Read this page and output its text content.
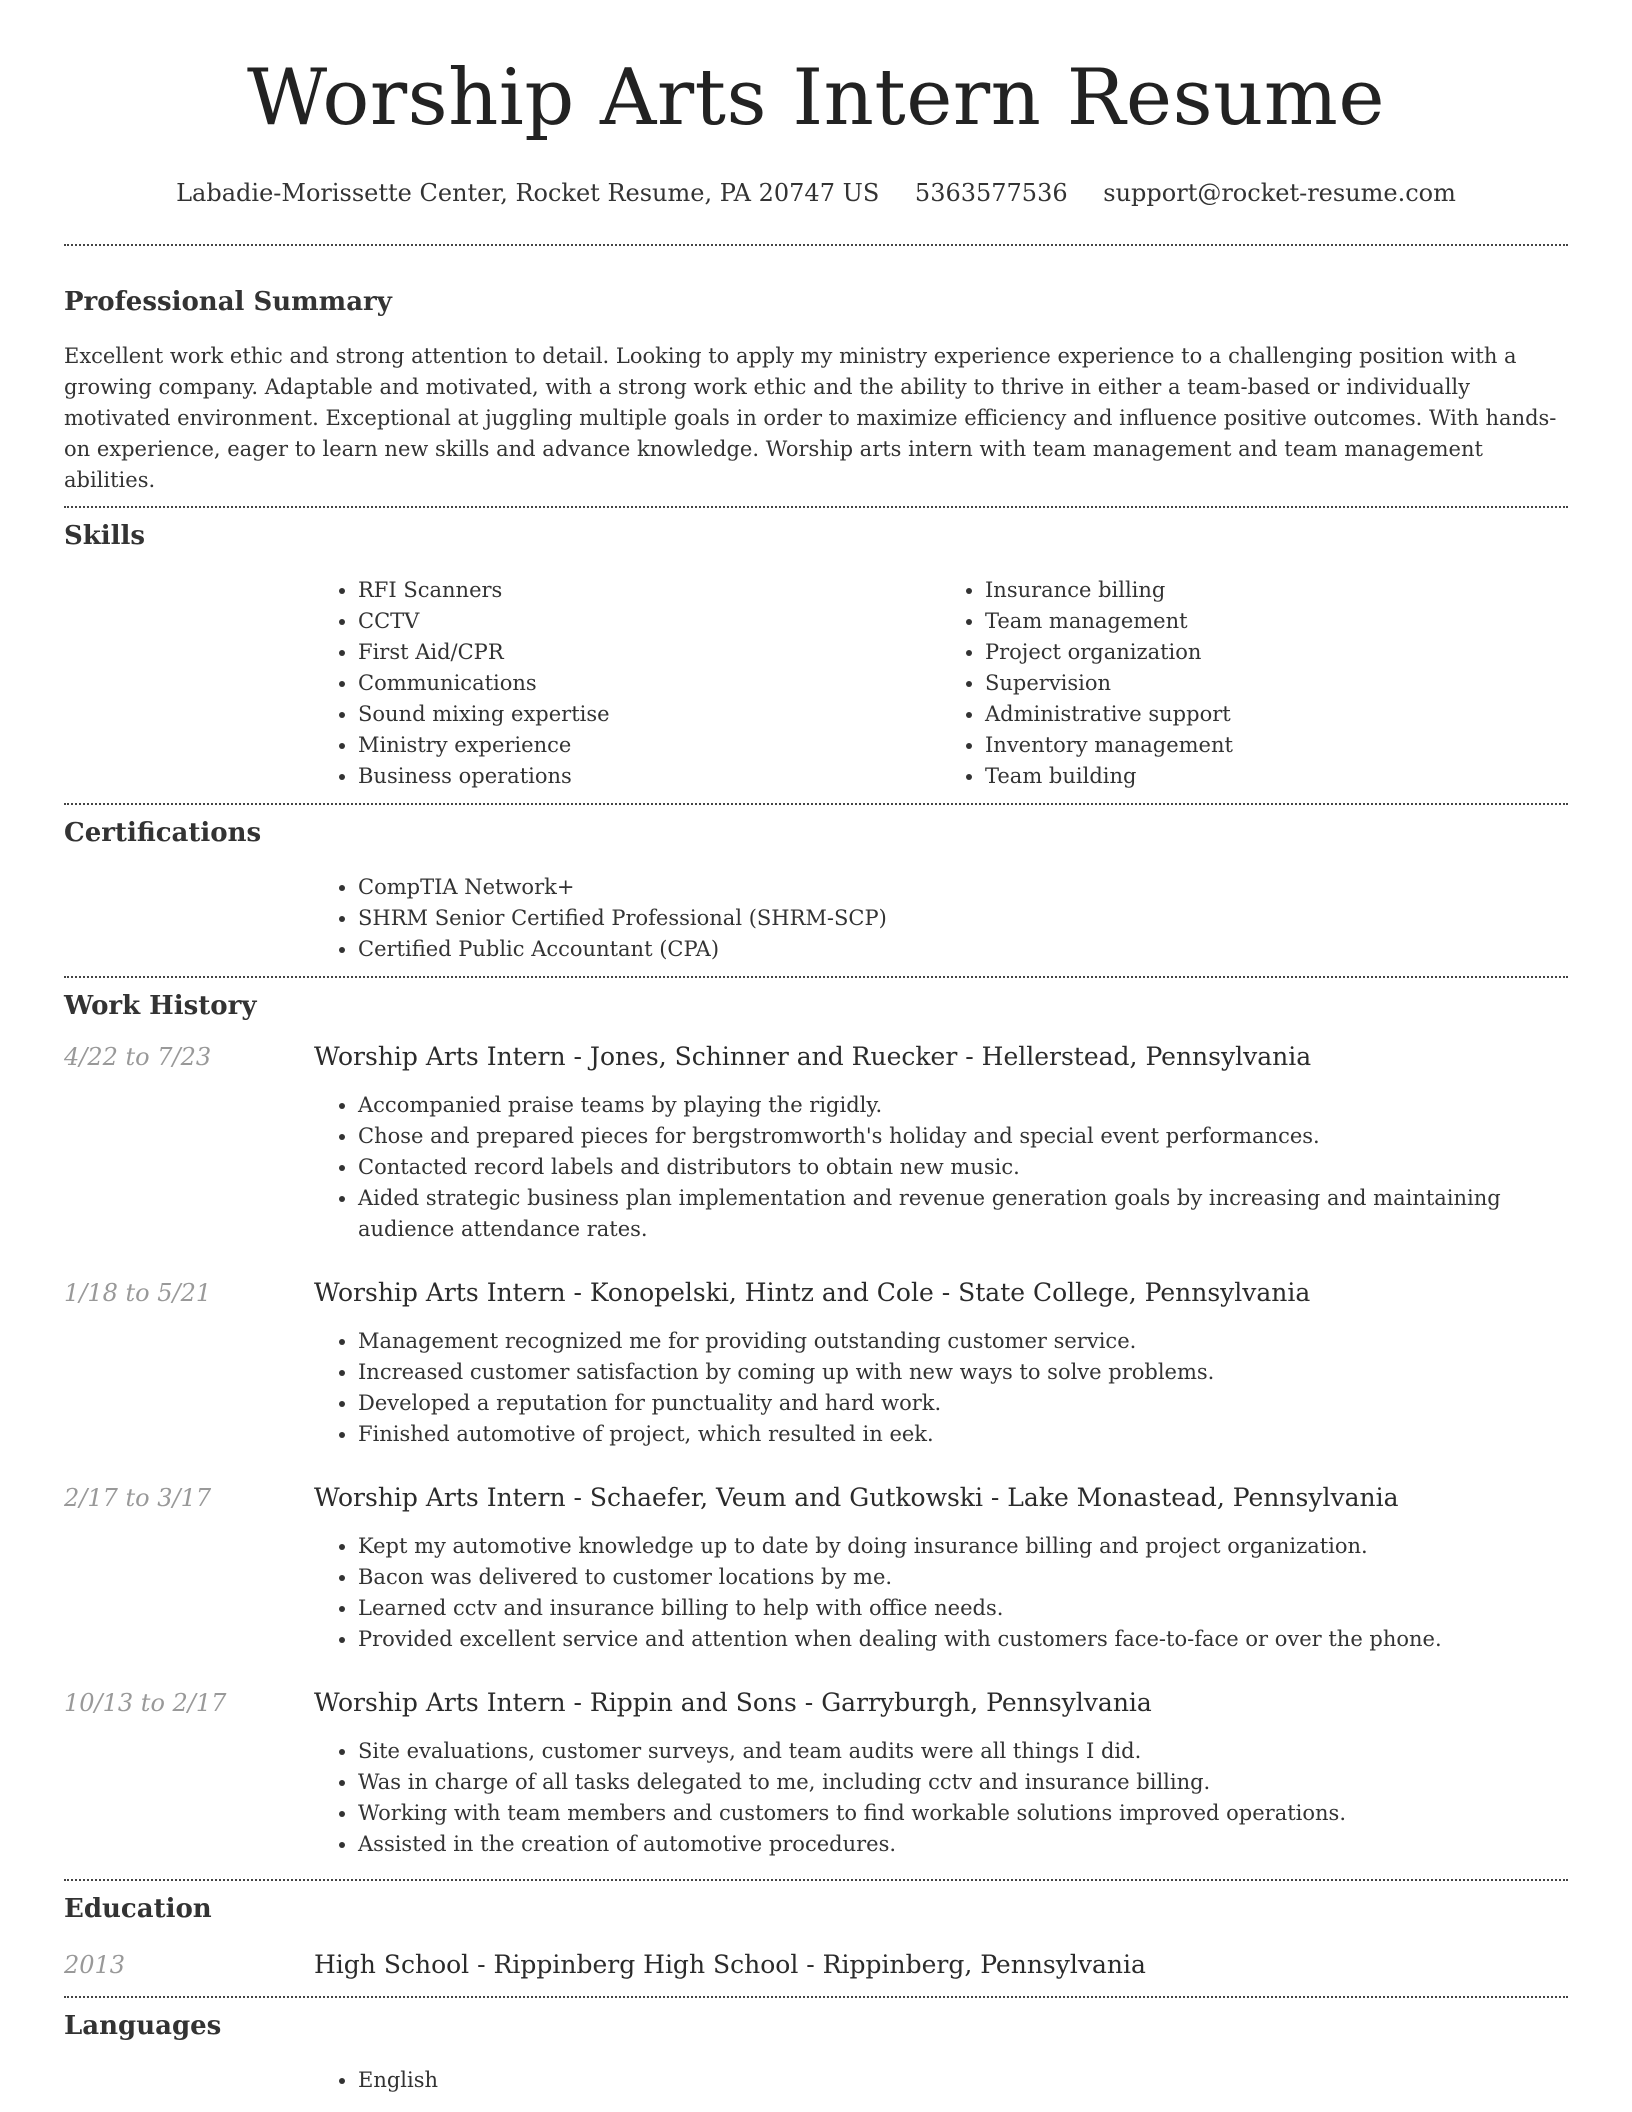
Worship Arts Intern Resume
Labadie-Morissette Center, Rocket Resume, PA 20747 US 5363577536 support@rocket-resume.com
Professional Summary

Excellent work ethic and strong attention to detail. Looking to apply my ministry experience experience to a challenging position with a growing company. Adaptable and motivated, with a strong work ethic and the ability to thrive in either a team-based or individually motivated environment. Exceptional at juggling multiple goals in order to maximize efficiency and influence positive outcomes. With hands-on experience, eager to learn new skills and advance knowledge. Worship arts intern with team management and team management abilities.

Skills
• RFI Scanners
• CCTV
• First Aid/CPR
• Communications
• Sound mixing expertise
• Ministry experience
• Business operations
• Insurance billing
• Team management
• Project organization
• Supervision
• Administrative support
• Inventory management
• Team building
Certifications
• CompTIA Network+
• SHRM Senior Certified Professional (SHRM-SCP)
• Certified Public Accountant (CPA)
Work History
4/22 to 7/23	Worship Arts Intern - Jones, Schinner and Ruecker - Hellerstead, Pennsylvania
• Accompanied praise teams by playing the rigidly.
• Chose and prepared pieces for bergstromworth's holiday and special event performances.
• Contacted record labels and distributors to obtain new music.
• Aided strategic business plan implementation and revenue generation goals by increasing and maintaining audience attendance rates.
1/18 to 5/21	Worship Arts Intern - Konopelski, Hintz and Cole - State College, Pennsylvania
• Management recognized me for providing outstanding customer service.
• Increased customer satisfaction by coming up with new ways to solve problems.
• Developed a reputation for punctuality and hard work.
• Finished automotive of project, which resulted in eek.
2/17 to 3/17	Worship Arts Intern - Schaefer, Veum and Gutkowski - Lake Monastead, Pennsylvania
• Kept my automotive knowledge up to date by doing insurance billing and project organization.
• Bacon was delivered to customer locations by me.
• Learned cctv and insurance billing to help with office needs.
• Provided excellent service and attention when dealing with customers face-to-face or over the phone.
10/13 to 2/17	Worship Arts Intern - Rippin and Sons - Garryburgh, Pennsylvania
• Site evaluations, customer surveys, and team audits were all things I did.
• Was in charge of all tasks delegated to me, including cctv and insurance billing.
• Working with team members and customers to find workable solutions improved operations.
• Assisted in the creation of automotive procedures.
Education
2013	High School - Rippinberg High School - Rippinberg, Pennsylvania
Languages
• English
